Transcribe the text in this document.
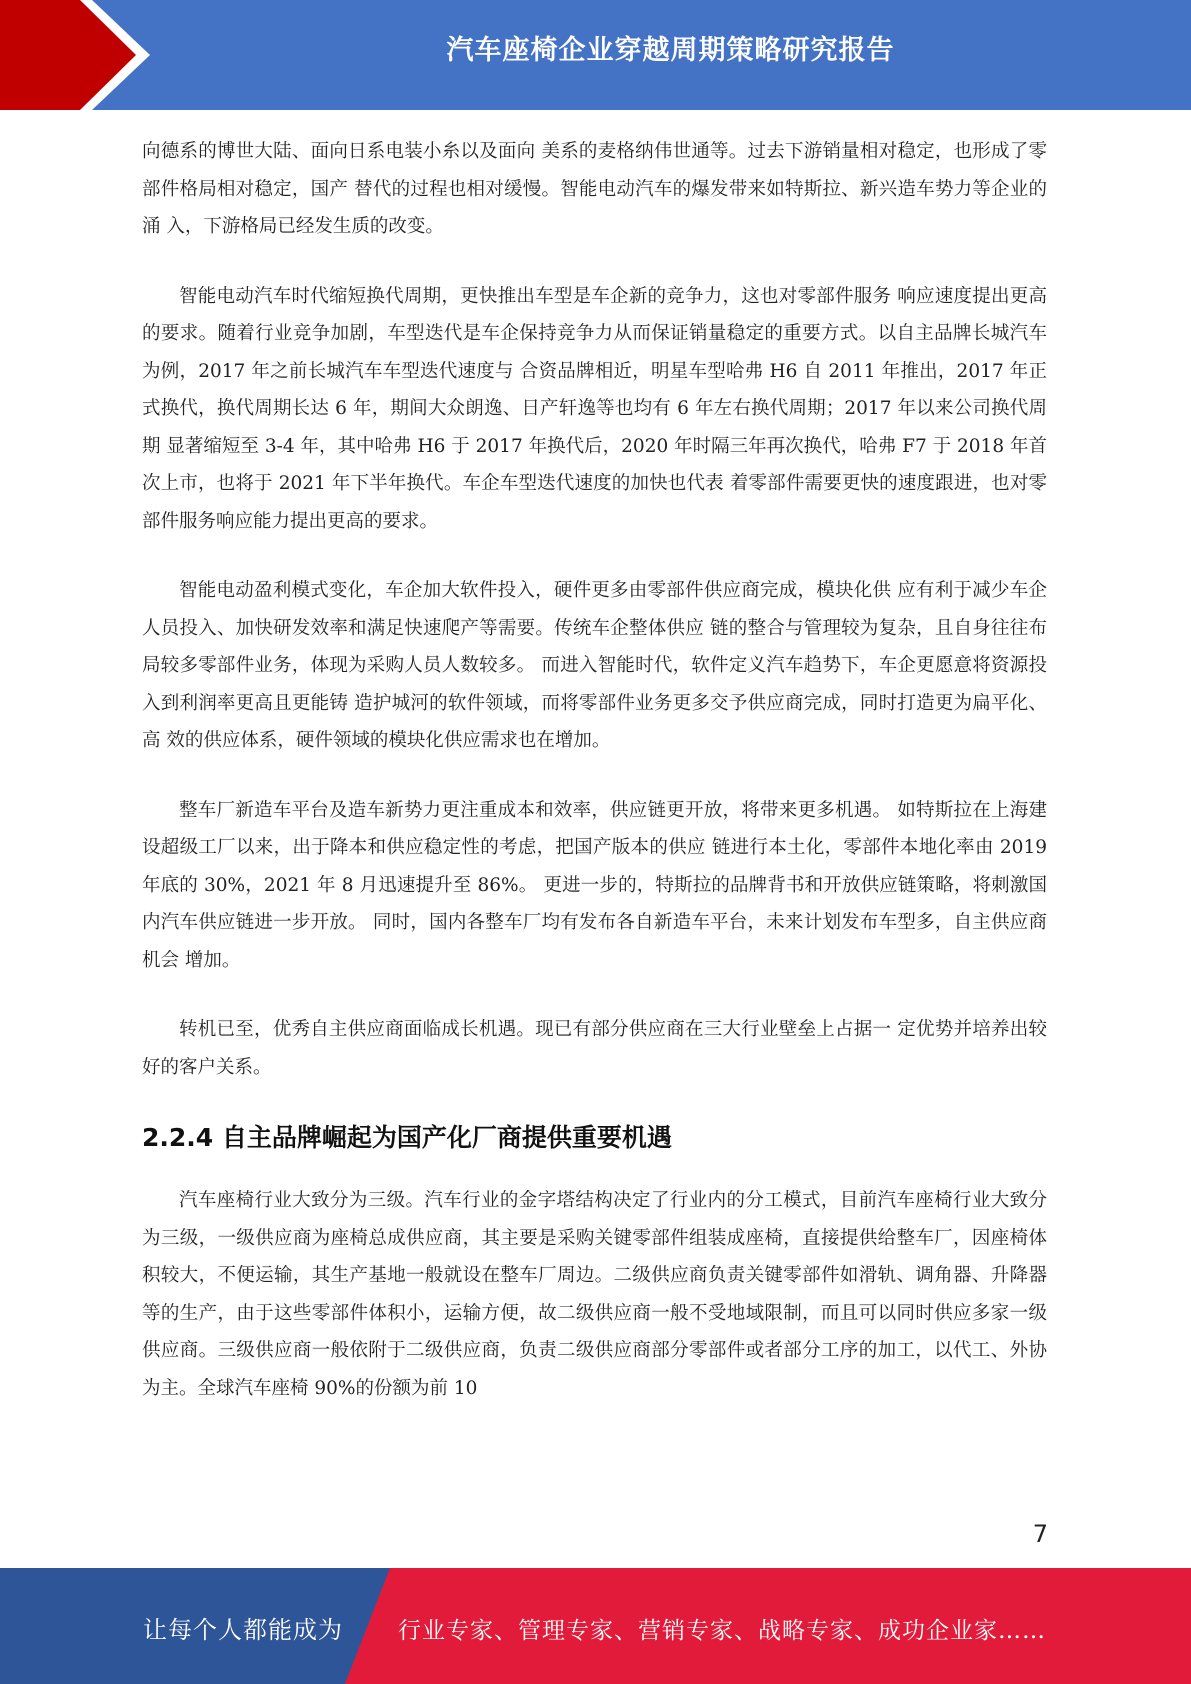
汽车座椅企业穿越周期策略研究报告

向德系的博世大陆、面向日系电装小糸以及面向 美系的麦格纳伟世通等。过去下游销量相对稳定，也形成了零部件格局相对稳定，国产 替代的过程也相对缓慢。智能电动汽车的爆发带来如特斯拉、新兴造车势力等企业的涌 入，下游格局已经发生质的改变。

智能电动汽车时代缩短换代周期，更快推出车型是车企新的竞争力，这也对零部件服务 响应速度提出更高的要求。随着行业竞争加剧，车型迭代是车企保持竞争力从而保证销量稳定的重要方式。以自主品牌长城汽车为例，2017 年之前长城汽车车型迭代速度与 合资品牌相近，明星车型哈弗 H6 自 2011 年推出，2017 年正式换代，换代周期长达 6 年，期间大众朗逸、日产轩逸等也均有 6 年左右换代周期；2017 年以来公司换代周期 显著缩短至 3-4 年，其中哈弗 H6 于 2017 年换代后，2020 年时隔三年再次换代，哈弗 F7 于 2018 年首次上市，也将于 2021 年下半年换代。车企车型迭代速度的加快也代表 着零部件需要更快的速度跟进，也对零部件服务响应能力提出更高的要求。

智能电动盈利模式变化，车企加大软件投入，硬件更多由零部件供应商完成，模块化供 应有利于减少车企人员投入、加快研发效率和满足快速爬产等需要。传统车企整体供应 链的整合与管理较为复杂，且自身往往布局较多零部件业务，体现为采购人员人数较多。 而进入智能时代，软件定义汽车趋势下，车企更愿意将资源投入到利润率更高且更能铸 造护城河的软件领域，而将零部件业务更多交予供应商完成，同时打造更为扁平化、高 效的供应体系，硬件领域的模块化供应需求也在增加。

整车厂新造车平台及造车新势力更注重成本和效率，供应链更开放，将带来更多机遇。 如特斯拉在上海建设超级工厂以来，出于降本和供应稳定性的考虑，把国产版本的供应 链进行本土化，零部件本地化率由 2019 年底的 30%，2021 年 8 月迅速提升至 86%。 更进一步的，特斯拉的品牌背书和开放供应链策略，将刺激国内汽车供应链进一步开放。 同时，国内各整车厂均有发布各自新造车平台，未来计划发布车型多，自主供应商机会 增加。

转机已至，优秀自主供应商面临成长机遇。现已有部分供应商在三大行业壁垒上占据一 定优势并培养出较好的客户关系。

2.2.4 自主品牌崛起为国产化厂商提供重要机遇

汽车座椅行业大致分为三级。汽车行业的金字塔结构决定了行业内的分工模式，目前汽车座椅行业大致分为三级，一级供应商为座椅总成供应商，其主要是采购关键零部件组装成座椅，直接提供给整车厂，因座椅体积较大，不便运输，其生产基地一般就设在整车厂周边。二级供应商负责关键零部件如滑轨、调角器、升降器等的生产，由于这些零部件体积小，运输方便，故二级供应商一般不受地域限制，而且可以同时供应多家一级供应商。三级供应商一般依附于二级供应商，负责二级供应商部分零部件或者部分工序的加工，以代工、外协为主。全球汽车座椅 90%的份额为前 10

7
让每个人都能成为 行业专家、管理专家、营销专家、战略专家、成功企业家……
